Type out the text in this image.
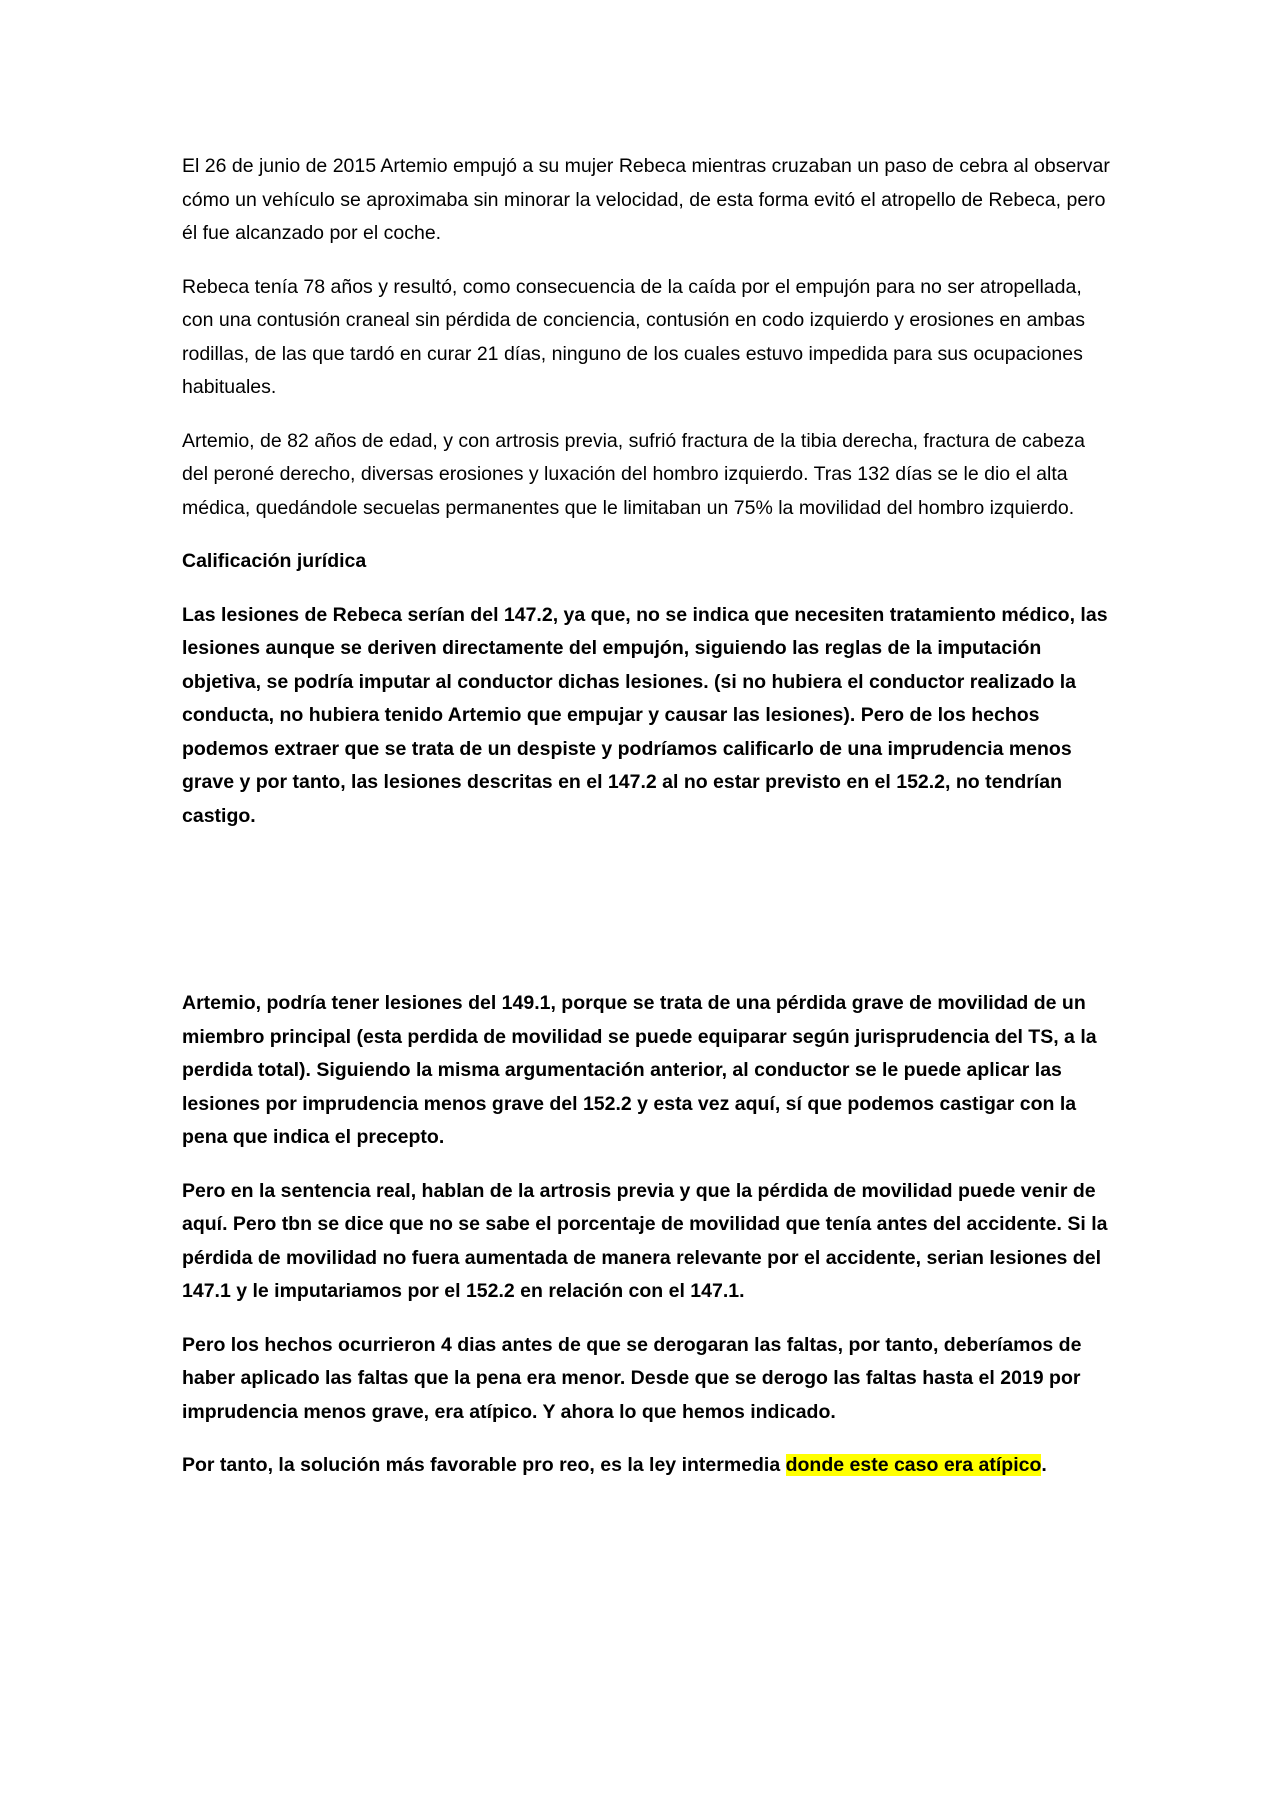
El 26 de junio de 2015 Artemio empujó a su mujer Rebeca mientras cruzaban un paso de cebra al observar cómo un vehículo se aproximaba sin minorar la velocidad, de esta forma evitó el atropello de Rebeca, pero él fue alcanzado por el coche.

Rebeca tenía 78 años y resultó, como consecuencia de la caída por el empujón para no ser atropellada, con una contusión craneal sin pérdida de conciencia, contusión en codo izquierdo y erosiones en ambas rodillas, de las que tardó en curar 21 días, ninguno de los cuales estuvo impedida para sus ocupaciones habituales.

Artemio, de 82 años de edad, y con artrosis previa, sufrió fractura de la tibia derecha, fractura de cabeza del peroné derecho, diversas erosiones y luxación del hombro izquierdo. Tras 132 días se le dio el alta médica, quedándole secuelas permanentes que le limitaban un 75% la movilidad del hombro izquierdo.

Calificación jurídica

Las lesiones de Rebeca serían del 147.2, ya que, no se indica que necesiten tratamiento médico, las lesiones aunque se deriven directamente del empujón, siguiendo las reglas de la imputación objetiva, se podría imputar al conductor dichas lesiones. (si no hubiera el conductor realizado la conducta, no hubiera tenido Artemio que empujar y causar las lesiones). Pero de los hechos podemos extraer que se trata de un despiste y podríamos calificarlo de una imprudencia menos grave y por tanto, las lesiones descritas en el 147.2 al no estar previsto en el 152.2, no tendrían castigo.

Artemio, podría tener lesiones del 149.1, porque se trata de una pérdida grave de movilidad de un miembro principal (esta perdida de movilidad se puede equiparar según jurisprudencia del TS, a la perdida total). Siguiendo la misma argumentación anterior, al conductor se le puede aplicar las lesiones por imprudencia menos grave del 152.2 y esta vez aquí, sí que podemos castigar con la pena que indica el precepto.

Pero en la sentencia real, hablan de la artrosis previa y que la pérdida de movilidad puede venir de aquí. Pero tbn se dice que no se sabe el porcentaje de movilidad que tenía antes del accidente. Si la pérdida de movilidad no fuera aumentada de manera relevante por el accidente, serian lesiones del 147.1 y le imputariamos por el 152.2 en relación con el 147.1.

Pero los hechos ocurrieron 4 dias antes de que se derogaran las faltas, por tanto, deberíamos de haber aplicado las faltas que la pena era menor. Desde que se derogo las faltas hasta el 2019 por imprudencia menos grave, era atípico. Y ahora lo que hemos indicado.

Por tanto, la solución más favorable pro reo, es la ley intermedia donde este caso era atípico.
